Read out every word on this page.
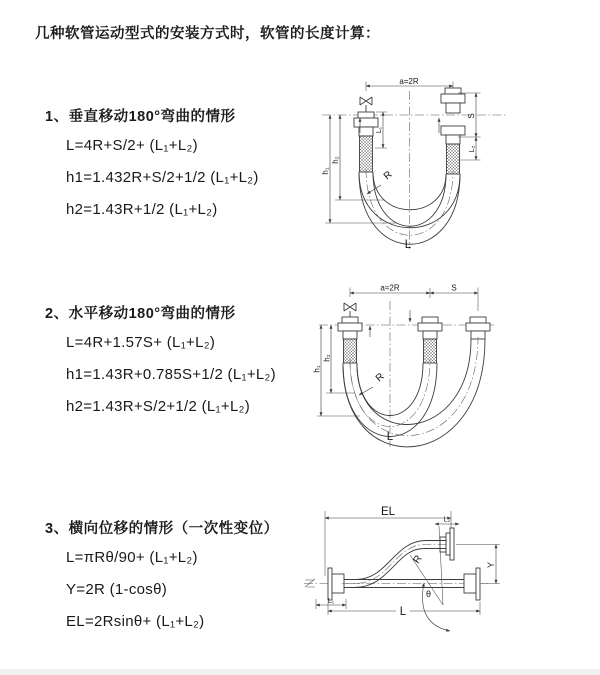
几种软管运动型式的安装方式时，软管的长度计算：
1、垂直移动180°弯曲的情形

L=4R+S/2+ (L₁+L₂)

h1=1.432R+S/2+1/2 (L₁+L₂)

h2=1.43R+1/2 (L₁+L₂)

2、水平移动180°弯曲的情形

L=4R+1.57S+ (L₁+L₂)

h1=1.43R+0.785S+1/2 (L₁+L₂)

h2=1.43R+S/2+1/2 (L₁+L₂)

3、横向位移的情形（一次性变位）

L=πRθ/90+ (L₁+L₂)

Y=2R (1-cosθ)

EL=2Rsinθ+ (L₁+L₂)

a=2R
R
L
h₁
h₂
S
L₂
L₁
a=2R	S
R
L
h₁
h₂
EL
L₂
Y
R
θ
L
L₁
